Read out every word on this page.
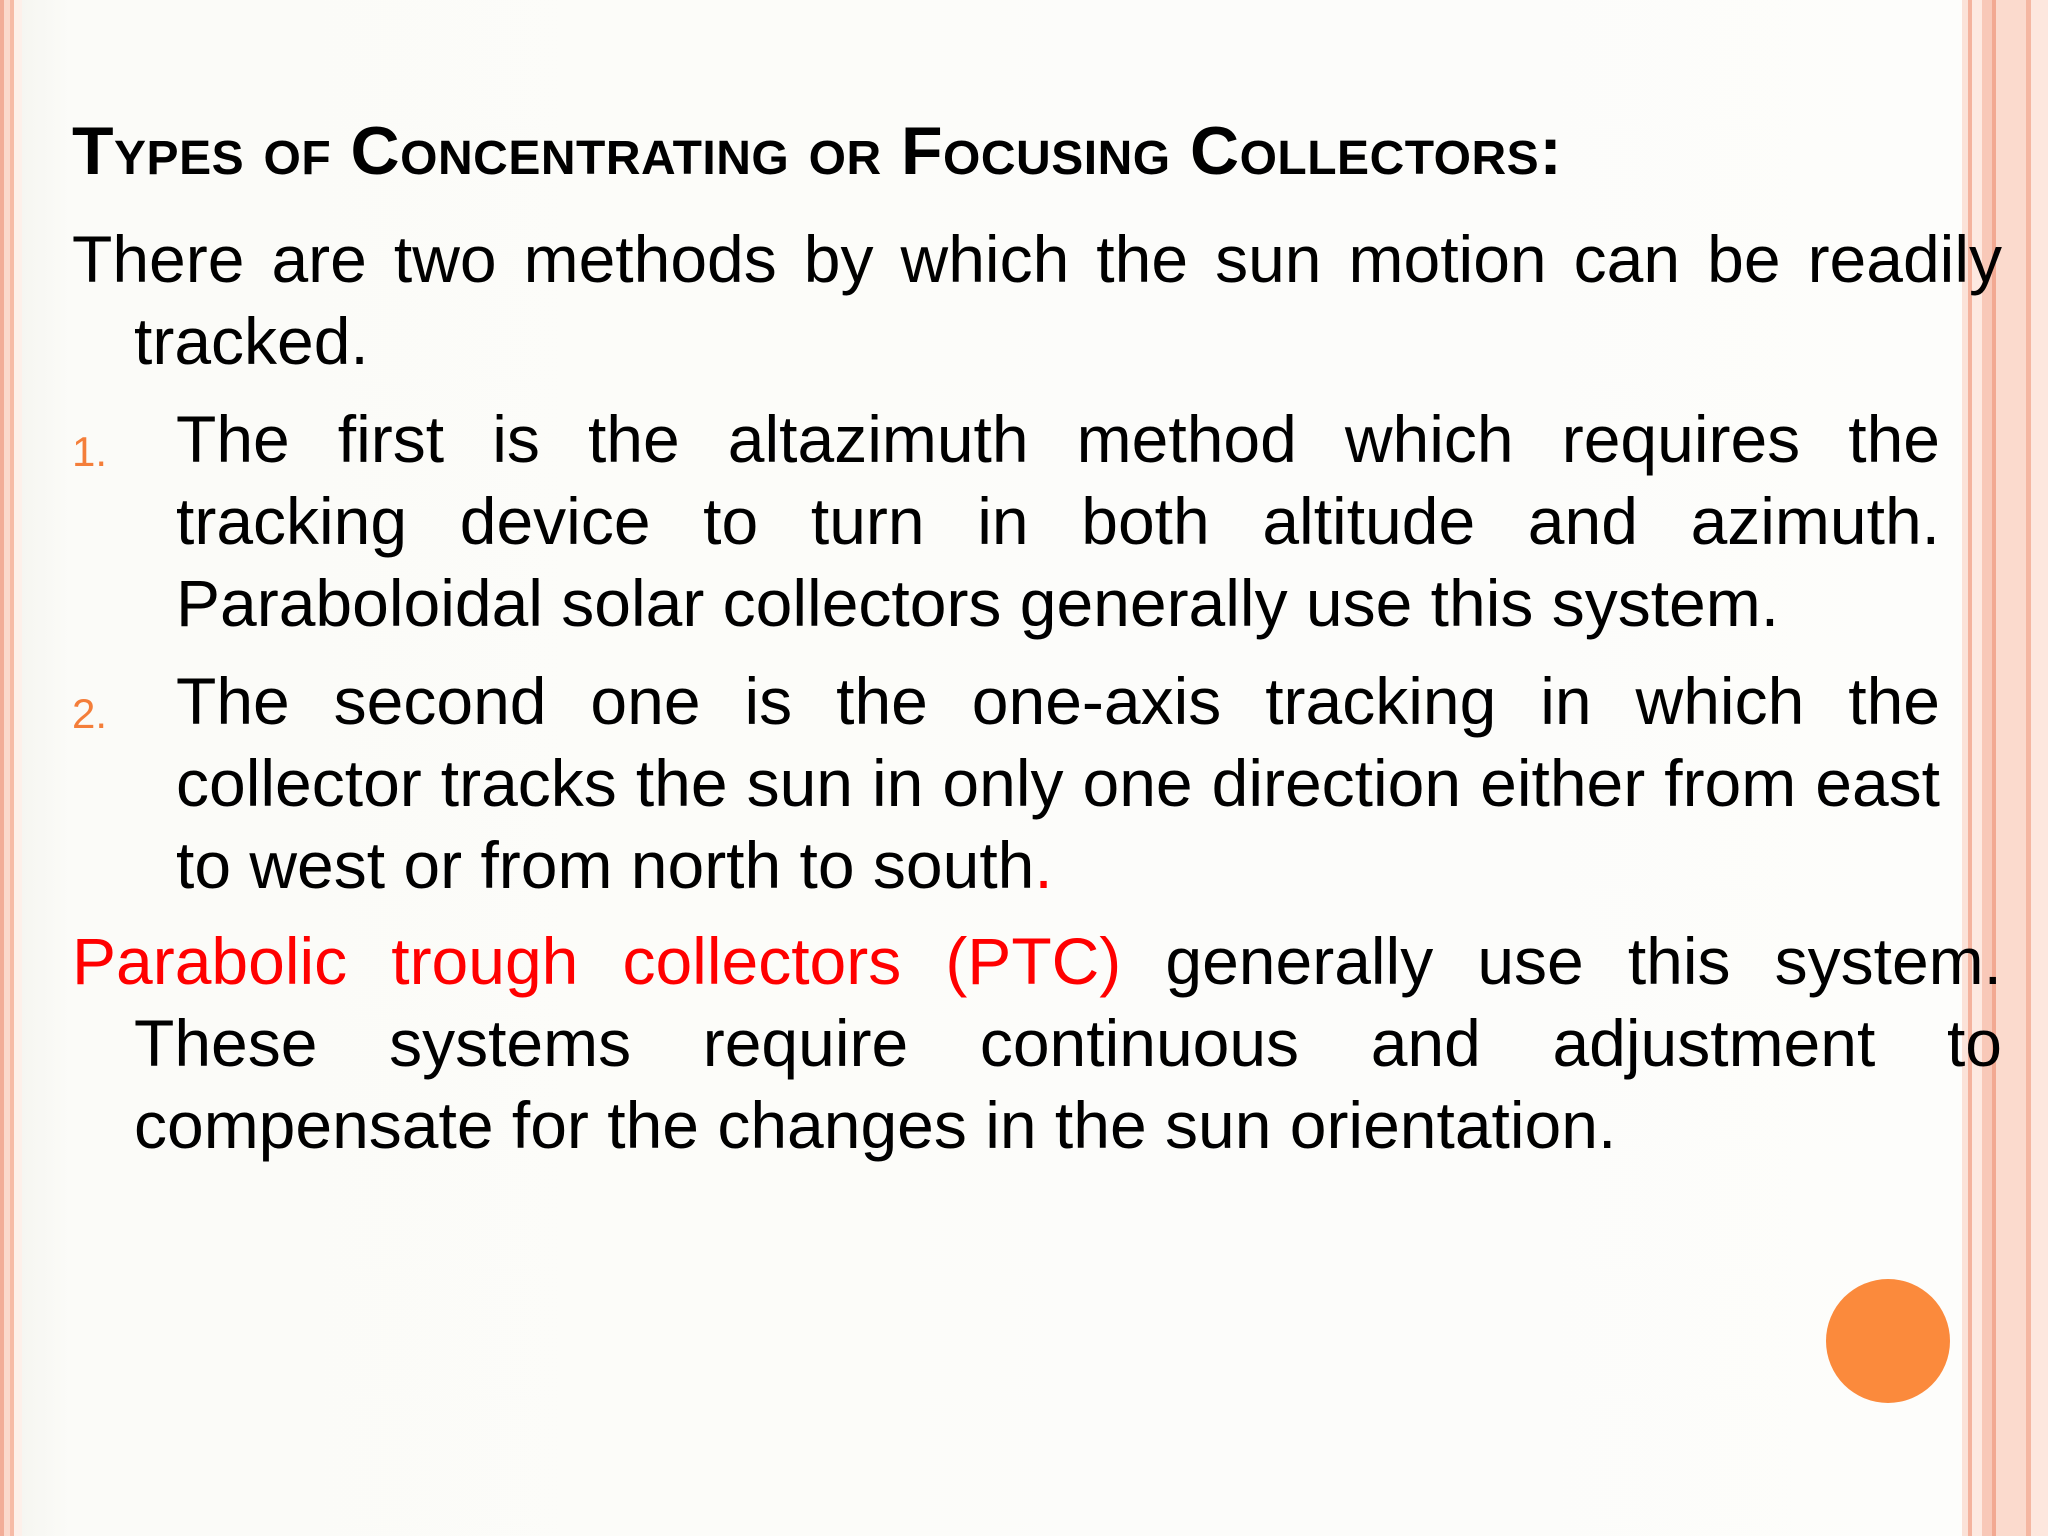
Types of Concentrating or Focusing Collectors:

There are two methods by which the sun motion can be readily tracked.

1. The first is the altazimuth method which requires the tracking device to turn in both altitude and azimuth. Paraboloidal solar collectors generally use this system.
2. The second one is the one-axis tracking in which the collector tracks the sun in only one direction either from east to west or from north to south.

Parabolic trough collectors (PTC) generally use this system. These systems require continuous and adjustment to compensate for the changes in the sun orientation.
